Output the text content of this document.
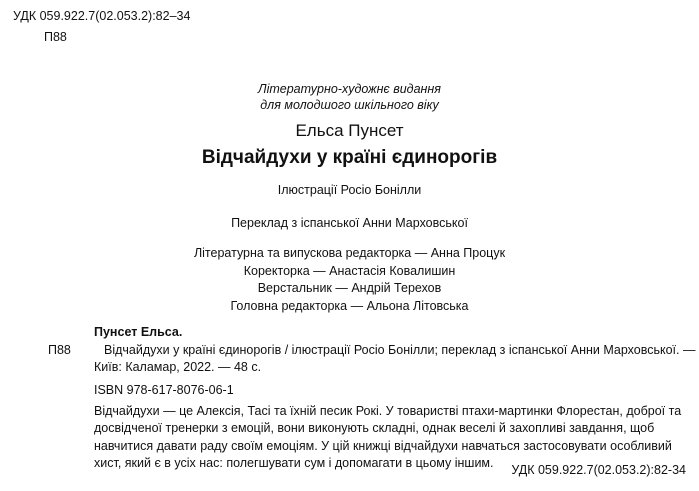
УДК 059.922.7(02.053.2):82–34
П88
Літературно-художнє видання
для молодшого шкільного віку
Ельса Пунсет
Відчайдухи у країні єдинорогів
Ілюстрації Росіо Бонілли
Переклад з іспанської Анни Марховської
Літературна та випускова редакторка — Анна Процук
Коректорка — Анастасія Ковалишин
Верстальник — Андрій Терехов
Головна редакторка — Альона Літовська
П88
Пунсет Ельса.
Відчайдухи у країні єдинорогів / ілюстрації Росіо Бонілли; переклад з іспанської Анни Марховської. —
Київ: Каламар, 2022. — 48 с.
ISBN 978-617-8076-06-1
Відчайдухи — це Алексія, Тасі та їхній песик Рокі. У товаристві птахи-мартинки Флорестан, доброї та досвідченої тренерки з емоцій, вони виконують складні, однак веселі й захопливі завдання, щоб навчитися давати раду своїм емоціям. У цій книжці відчайдухи навчаться застосовувати особливий хист, який є в усіх нас: полегшувати сум і допомагати в цьому іншим.
УДК 059.922.7(02.053.2):82-34
